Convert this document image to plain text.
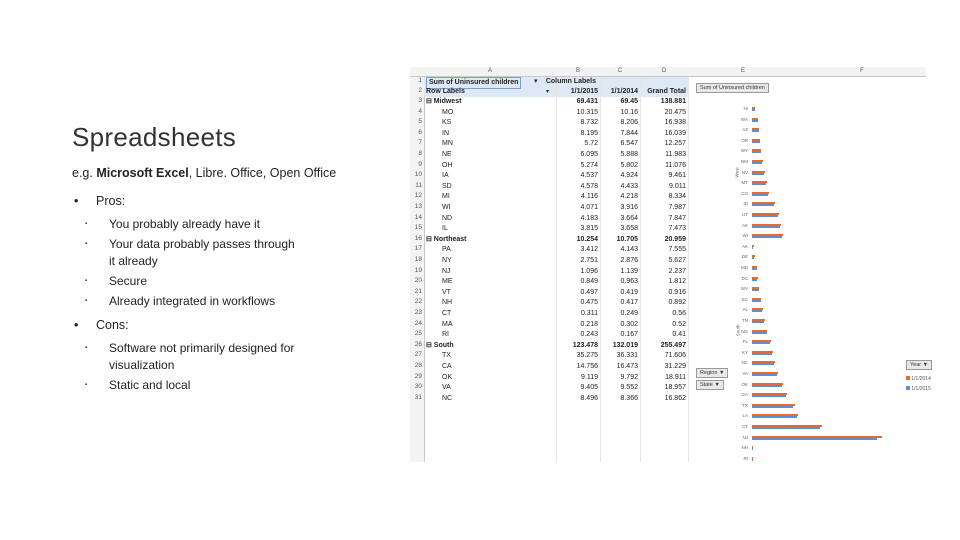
Spreadsheets
e.g. Microsoft Excel, Libre. Office, Open Office
• Pros:
▪ You probably already have it
▪ Your data probably passes through it already
▪ Secure
▪ Already integrated in workflows
• Cons:
▪ Software not primarily designed for visualization
▪ Static and local
A	B	C	D	E	F
3
4
5
6
7
8
9
10
11
12
13
14
15
16
17
18
19
20
21
22
23
24
25
26
27
28
29
30
31
Sum of Uninsured children	▾	Column Labels
Row Labels	▾	1/1/2015	1/1/2014	Grand Total
⊟ Midwest	69.431	69.45	138.881
MO	10.315	10.16	20.475
KS	8.732	8.206	16.938
IN	8.195	7.844	16.039
MN	5.72	6.547	12.257
NE	6.095	5.888	11.983
OH	5.274	5.802	11.076
IA	4.537	4.924	9.461
SD	4.578	4.433	9.011
MI	4.116	4.218	8.334
WI	4.071	3.916	7.987
ND	4.183	3.664	7.847
IL	3.815	3.658	7.473
⊟ Northeast	10.254	10.705	20.959
PA	3.412	4.143	7.555
NY	2.751	2.876	5.627
NJ	1.096	1.139	2.237
ME	0.849	0.963	1.812
VT	0.497	0.419	0.916
NH	0.475	0.417	0.892
CT	0.311	0.249	0.56
MA	0.218	0.302	0.52
RI	0.243	0.167	0.41
⊟ South	123.478	132.019	255.497
TX	35.275	36.331	71.606
CA	14.756	16.473	31.229
OK	9.119	9.792	18.911
VA	9.405	9.552	18.957
NC	8.496	8.366	16.862
1
2	Sum of Uninsured children
West
South
HI
WA
AZ
OR
WY
NM
NV
MT
CO
ID
UT
AK
WI
AK
DE
MD
DC
WV
SC
AL
TN
MS
FL
KY
NC
VA
OK
GA
TX
LA
CT
NJ
NH
RI
Region ▼
State ▼
Year ▼
1/1/2014
1/1/2015
